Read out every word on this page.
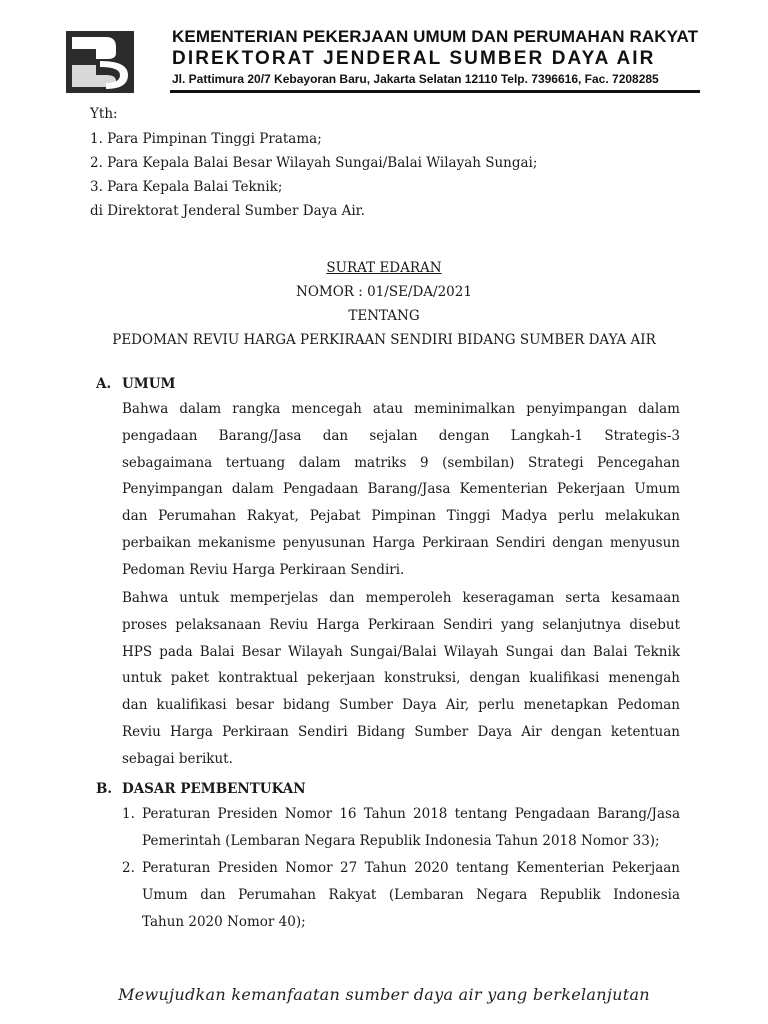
KEMENTERIAN PEKERJAAN UMUM DAN PERUMAHAN RAKYAT
DIREKTORAT JENDERAL SUMBER DAYA AIR
Jl. Pattimura 20/7 Kebayoran Baru, Jakarta Selatan 12110 Telp. 7396616, Fac. 7208285
Yth:
1. Para Pimpinan Tinggi Pratama;
2. Para Kepala Balai Besar Wilayah Sungai/Balai Wilayah Sungai;
3. Para Kepala Balai Teknik;
di Direktorat Jenderal Sumber Daya Air.
SURAT EDARAN
NOMOR : 01/SE/DA/2021
TENTANG
PEDOMAN REVIU HARGA PERKIRAAN SENDIRI BIDANG SUMBER DAYA AIR
A. UMUM
Bahwa dalam rangka mencegah atau meminimalkan penyimpangan dalam
pengadaan Barang/Jasa dan sejalan dengan Langkah-1 Strategis-3
sebagaimana tertuang dalam matriks 9 (sembilan) Strategi Pencegahan
Penyimpangan dalam Pengadaan Barang/Jasa Kementerian Pekerjaan Umum
dan Perumahan Rakyat, Pejabat Pimpinan Tinggi Madya perlu melakukan
perbaikan mekanisme penyusunan Harga Perkiraan Sendiri dengan menyusun
Pedoman Reviu Harga Perkiraan Sendiri.
Bahwa untuk memperjelas dan memperoleh keseragaman serta kesamaan
proses pelaksanaan Reviu Harga Perkiraan Sendiri yang selanjutnya disebut
HPS pada Balai Besar Wilayah Sungai/Balai Wilayah Sungai dan Balai Teknik
untuk paket kontraktual pekerjaan konstruksi, dengan kualifikasi menengah
dan kualifikasi besar bidang Sumber Daya Air, perlu menetapkan Pedoman
Reviu Harga Perkiraan Sendiri Bidang Sumber Daya Air dengan ketentuan
sebagai berikut.
B. DASAR PEMBENTUKAN
1. Peraturan Presiden Nomor 16 Tahun 2018 tentang Pengadaan Barang/Jasa
Pemerintah (Lembaran Negara Republik Indonesia Tahun 2018 Nomor 33);
2. Peraturan Presiden Nomor 27 Tahun 2020 tentang Kementerian Pekerjaan
Umum dan Perumahan Rakyat (Lembaran Negara Republik Indonesia
Tahun 2020 Nomor 40);
Mewujudkan kemanfaatan sumber daya air yang berkelanjutan
